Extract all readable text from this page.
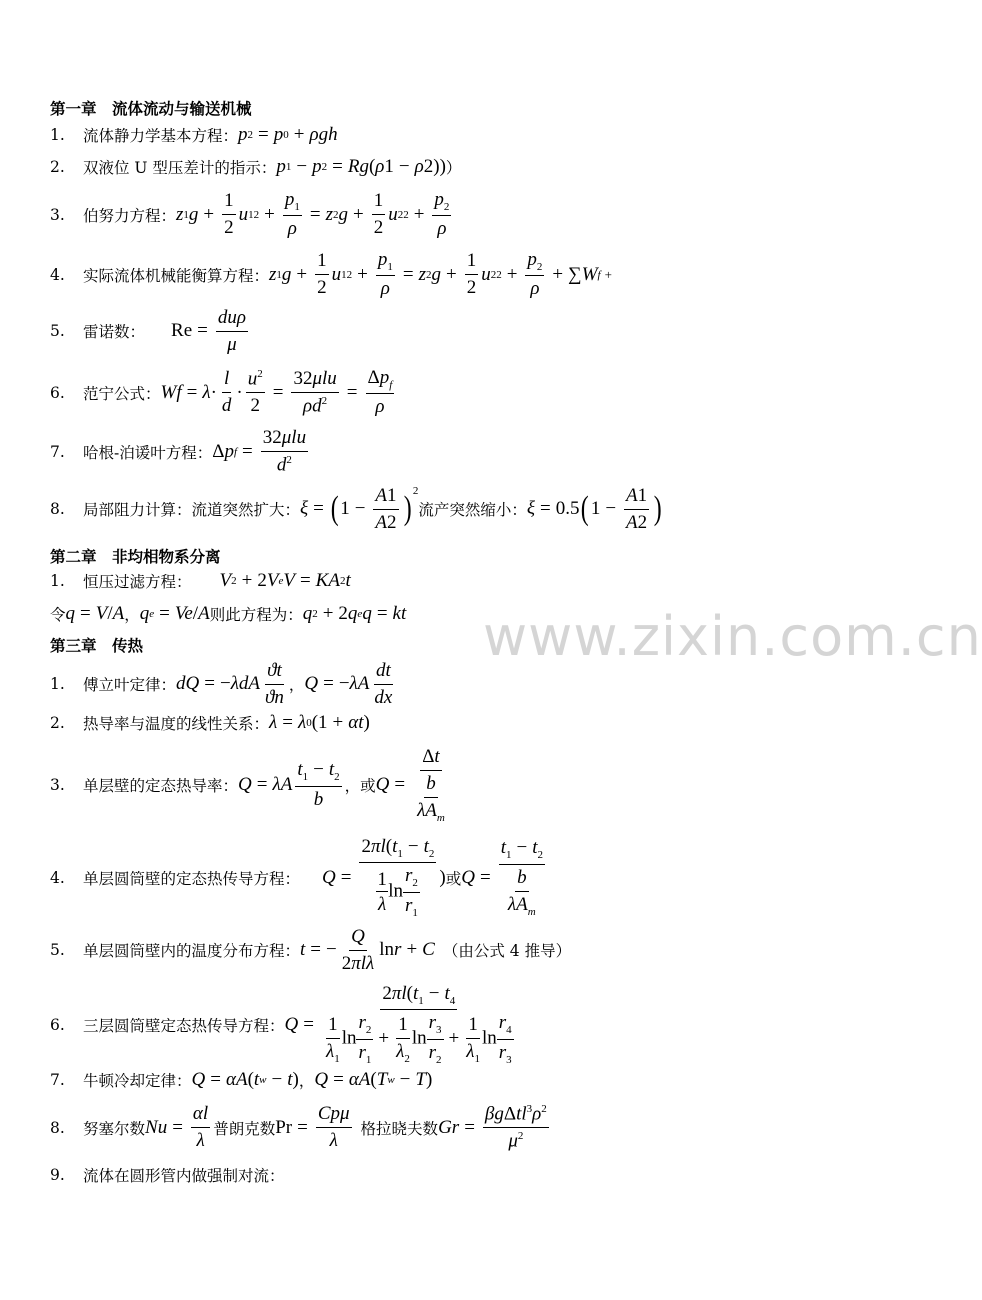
www.zixin.com.cn
第一章　流体流动与输送机械
1.	流体静力学基本方程： p 2 = p 0 + ρgh
2.	双液位 U 型压差计的指示： p 1 − p 2 = Rg ( ρ 1 − ρ 2)) ）
3.	伯努力方程： z 1 $g + \frac{1}{2}$ u 1 $2 + \frac{p_1}{\rho} = z$ 2 $g + \frac{1}{2}$ u 2 $2 + \frac{p_2}{\rho}$
4.	实际流体机械能衡算方程： z 1 $g + \frac{1}{2}$ u 1 $2 + \frac{p_1}{\rho} = z$ 2 $g + \frac{1}{2}$ u 2 $2 + \frac{p_2}{\rho}$ + ∑ W f +
5.	雷诺数： Re =
duρ
μ
6.	范宁公式： Wf = λ ·
l
d
· $\frac{u^2}{2}$ =
32μlu
$\rho d^2$ =
$\Delta p_f$
ρ
7.	哈根-泊谖叶方程： Δ p f =
32μlu
$d^2$
8.	局部阻力计算：流道突然扩大： ξ = ( $1 - \frac{A1}{A2} )^2$
流产突然缩小： ξ = 0.5 ( $1 - \frac{A1}{A2}$ )
第二章　非均相物系分离
1.	恒压过滤方程： V 2 + 2 V e V = KA 2 t
令 q = V / A ， q e = Ve / A 则此方程为： q 2 + 2 q e q = kt
第三章　传热
1.	傅立叶定律： dQ = − λdA
ϑt
ϑn
， Q = − λA
dt
dx
2.	热导率与温度的线性关系： λ = λ 0 (1 + αt )
3.	单层壁的定态热导率： Q = λA
$t_1 - t_2$
b
，或 Q =
Δt
b
$\lambda A_m$
4.	单层圆筒壁的定态热传导方程： $Q = \frac{2\pi l(t_1 - t_2}{\frac{1}{\lambda} \ln \frac{r_2}{r_1}}$ ) 或 Q =
$t_1 - t_2$
b
$\lambda A_m$
5.	单层圆筒壁内的温度分布方程： t = −
Q
2πlλ
ln r + C （由公式 4 推导）
6.	三层圆筒壁定态热传导方程： $Q = \frac{2\pi l(t_1 - t_4}{\frac{1}{\lambda_1} \ln \frac{r_2}{r_1} + \frac{1}{\lambda_2} \ln \frac{r_3}{r_2} + \frac{1}{\lambda_1} \ln \frac{r_4}{r_3}}$
7.	牛顿冷却定律： Q = αA ( t w − t ) ， Q = αA ( T w − T )
8.	努塞尔数 $Nu = \frac{\alpha l}{\lambda}$ 普朗克数 Pr =
Cpμ
λ
格拉晓夫数 Gr =
$\beta g\Delta tl^3\rho^2$
$\mu^2$
9.	流体在圆形管内做强制对流：
